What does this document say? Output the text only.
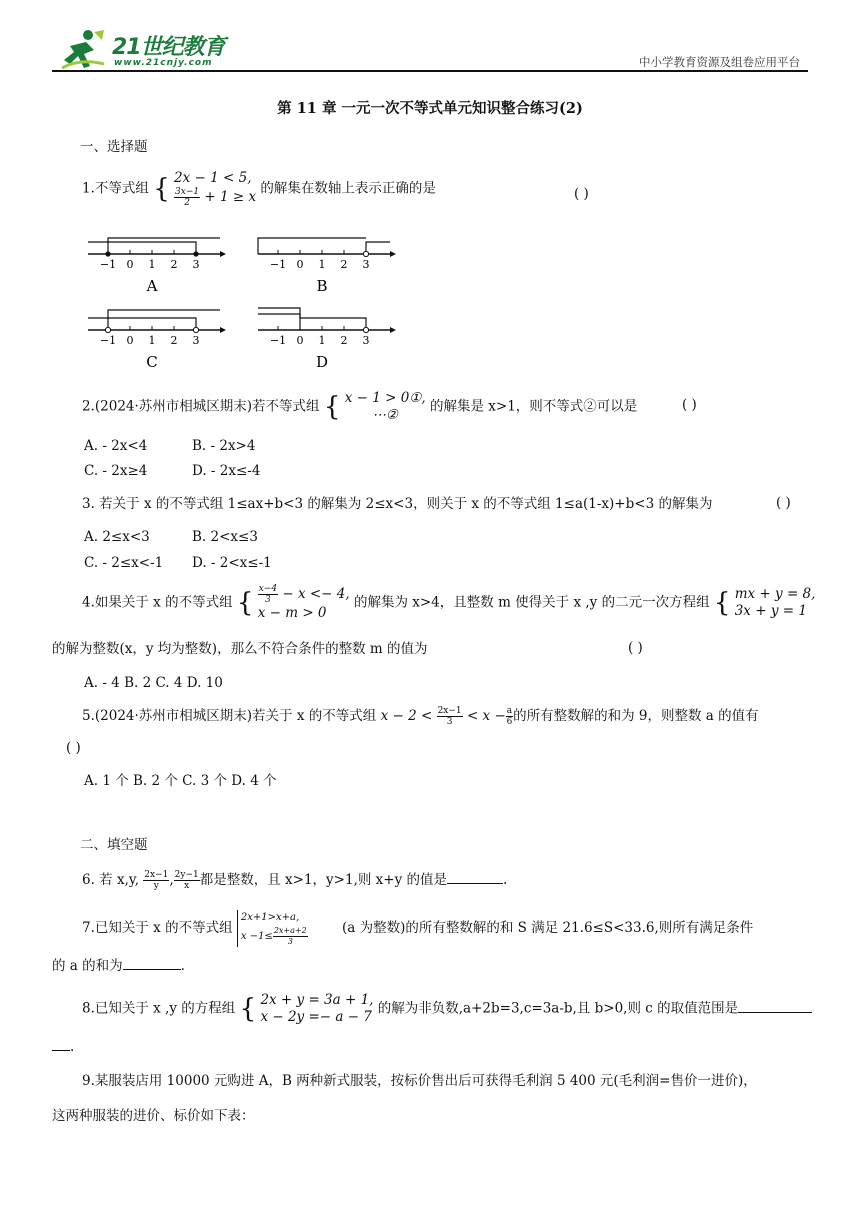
21世纪教育
www.21cnjy.com	中小学教育资源及组卷应用平台
第 11 章 一元一次不等式单元知识整合练习(2)
一、选择题
1.不等式组 { 2x − 1 < 5,
$\frac{3x-1}{2} + 1 \ge x$
的解集在数轴上表示正确的是	( )
−1 0 1 2 3
A
−1 0 1 2 3
B
−1 0 1 2 3
C
−1 0 1 2 3
D
2.(2024·苏州市相城区期末)若不等式组 { x − 1 > 0①,
⋯②
的解集是 x>1，则不等式②可以是	( )
A. - 2x<4	B. - 2x>4
C. - 2x≥4	D. - 2x≤-4
3. 若关于 x 的不等式组 1≤ax+b<3 的解集为 2≤x<3，则关于 x 的不等式组 1≤a(1-x)+b<3 的解集为	( )
A. 2≤x<3	B. 2<x≤3
C. - 2≤x<-1 D. - 2<x≤-1
4.如果关于 x 的不等式组 { $\frac{x-4}{3} - x <- 4$,
x − m > 0
的解集为 x>4，且整数 m 使得关于 x ,y 的二元一次方程组 { mx + y = 8,
3x + y = 1
的解为整数(x，y 均为整数)，那么不符合条件的整数 m 的值为	( )
A. - 4 B. 2 C. 4 D. 10
5.(2024·苏州市相城区期末)若关于 x 的不等式组 $x - 2 < \frac{2x-1}{3} < x - \frac{a}{6}$ 的所有整数解的和为 9，则整数 a 的值有
( )
A. 1 个 B. 2 个 C. 3 个 D. 4 个
二、填空题
6. 若 x,y, $\frac{2x-1}{y}$ , $\frac{2y-1}{x}$ 都是整数，且 x>1，y>1,则 x+y 的值是	.
7.已知关于 x 的不等式组
2x+1>x+a,
$x -1\le \frac{2x+a+2}{3}$	(a 为整数)的所有整数解的和 S 满足 21.6≤S<33.6,则所有满足条件
的 a 的和为	.
8.已知关于 x ,y 的方程组 { 2x + y = 3a + 1,
x − 2y =− a − 7
的解为非负数,a+2b=3,c=3a-b,且 b>0,则 c 的取值范围是
.
9.某服装店用 10000 元购进 A，B 两种新式服装，按标价售出后可获得毛利润 5 400 元(毛利润=售价一进价)，
这两种服装的进价、标价如下表：
